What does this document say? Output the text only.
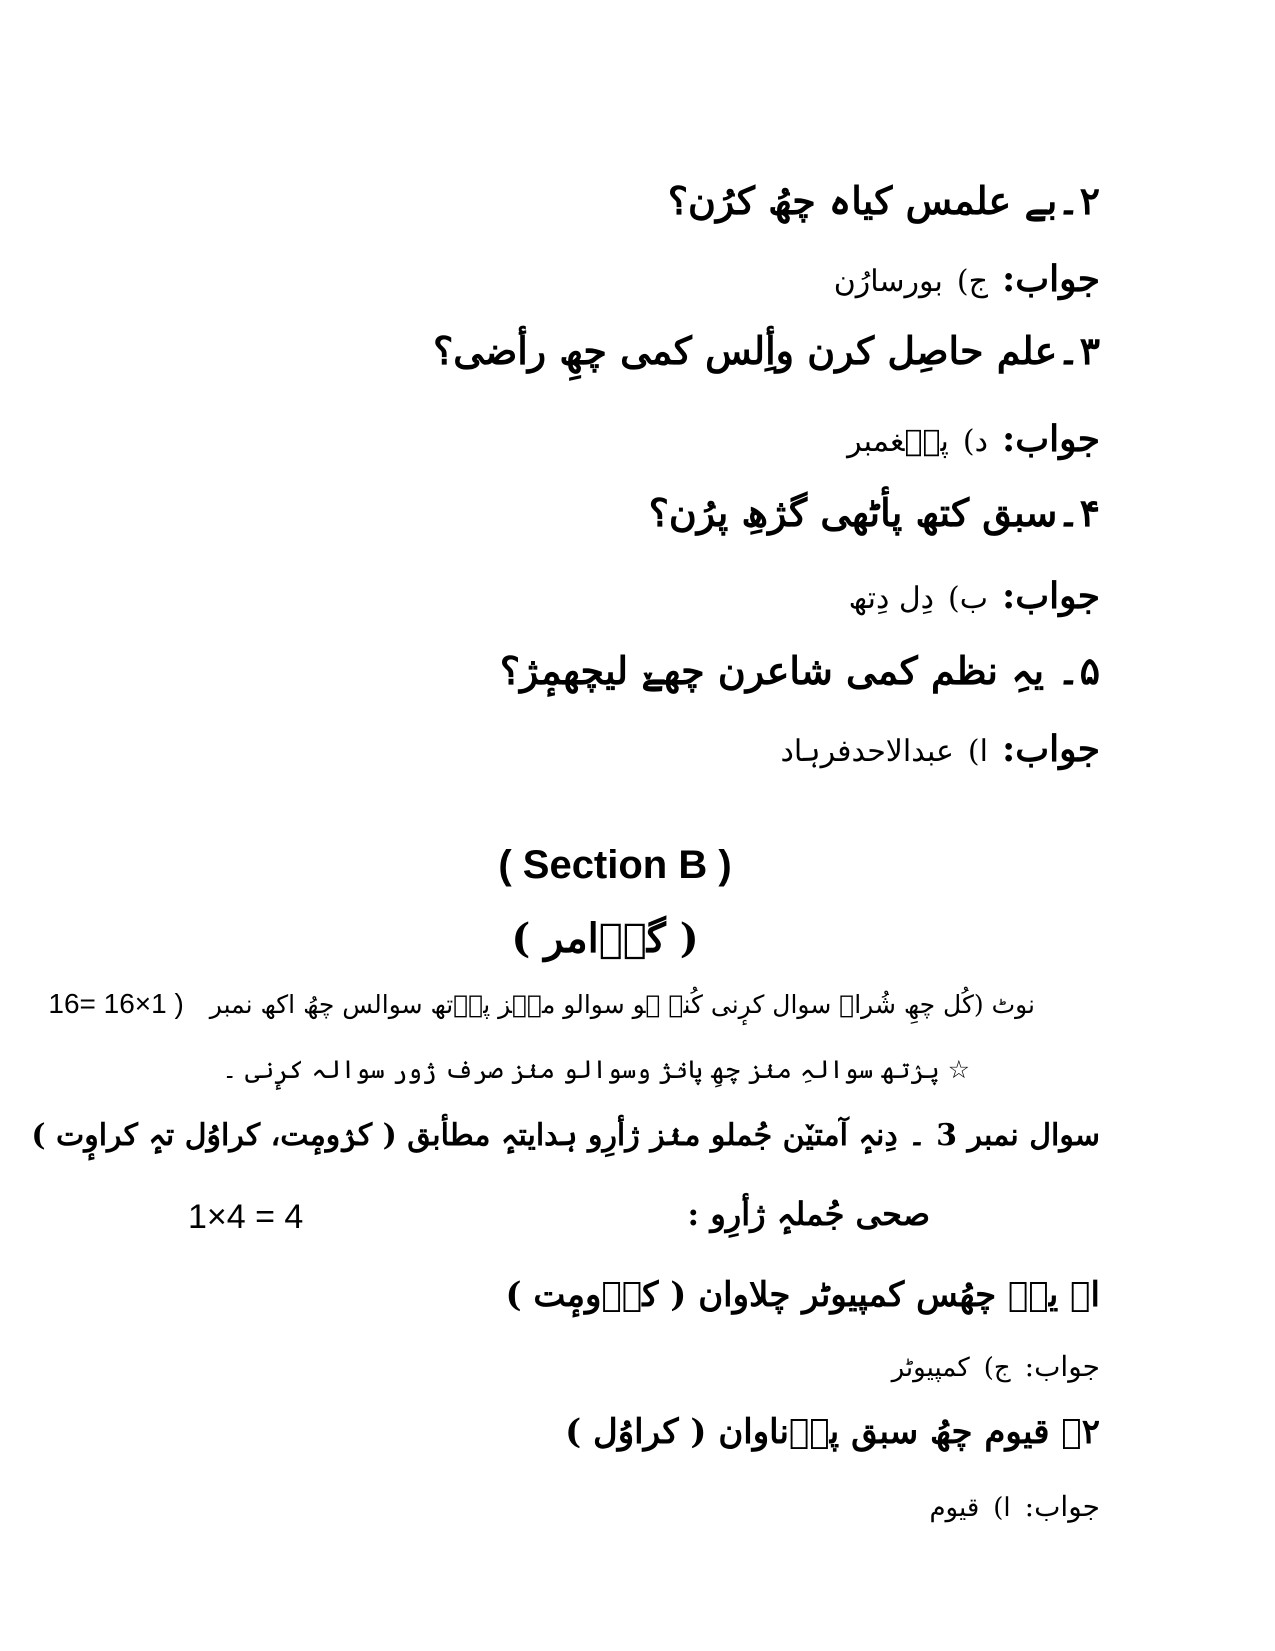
۲۔بے علمس کیاہ چھُ کرُن؟
جواب:ج)بورسارُن
۳۔علم حاصِل کرن وأِلس کمی چھِ رأضی؟
جواب:د)پیٖغمبر
۴۔سبق کتھ پأٹھی گژھِ پرُن؟
جواب:ب)دِل دِتھ
۵۔ یہِ نظم کمی شاعرن چھےٚ لیچھمٕژ؟
جواب:ا)عبدالاحدفرہاد
( Section B )
( گرٛامر )
نوٹ (کُل چھِ شُراہ سوال کرٕنی کُنہ ہو سوالو منٛز پرٛتھ سوالس چھُ اکھ نمبر 16= 16×1 )
☆ پرٛتھ سوالہِ منٛز چھِ پانٛژ وسوالو منٛز صرف ژور سوالہ کرٕنی ۔
سوال نمبر 3 ۔ دِنہٕ آمتیٚن جُملو منٛز ژأرِو ہدایتہٕ مطأبق ( کرٛومٕت، کراوُل تہٕ کراوٕت )
صحی جُملہٕ ژأرِو :
1×4 = 4
ا۔ یہِ چھُس کمپیوٹر چلاوان ( کرٛومٕت )
جواب:ج)کمپیوٹر
۲۔ قیوم چھُ سبق پرٛناوان ( کراوُل )
جواب:ا)قیوم
